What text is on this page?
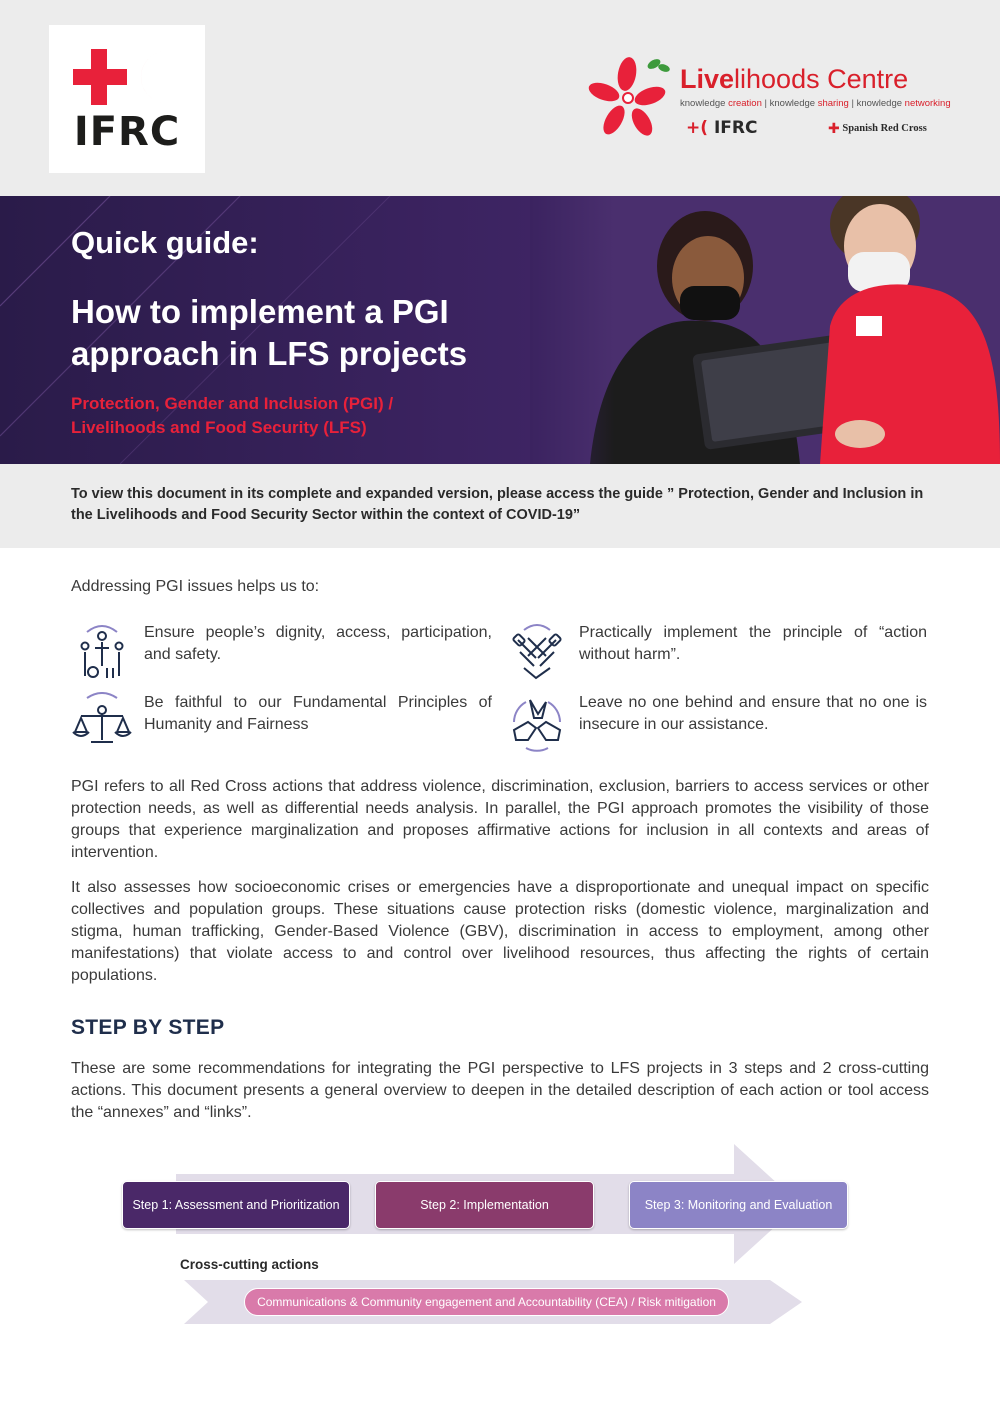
IFRC
Livelihoods Centre
knowledge creation | knowledge sharing | knowledge networking
+( IFRC	✚ Spanish Red Cross
Quick guide:
How to implement a PGI approach in LFS projects
Protection, Gender and Inclusion (PGI) / Livelihoods and Food Security (LFS)

To view this document in its complete and expanded version, please access the guide ” Protection, Gender and Inclusion in the Livelihoods and Food Security Sector within the context of COVID-19”

Addressing PGI issues helps us to:
Ensure people’s dignity, access, participation, and safety.
Practically implement the principle of “action without harm”.
Be faithful to our Fundamental Principles of Humanity and Fairness
Leave no one behind and ensure that no one is insecure in our assistance.

PGI refers to all Red Cross actions that address violence, discrimination, exclusion, barriers to access services or other protection needs, as well as differential needs analysis. In parallel, the PGI approach promotes the visibility of those groups that experience marginalization and proposes affirmative actions for inclusion in all contexts and areas of intervention.

It also assesses how socioeconomic crises or emergencies have a disproportionate and unequal impact on specific collectives and population groups. These situations cause protection risks (domestic violence, marginalization and stigma, human trafficking, Gender-Based Violence (GBV), discrimination in access to employment, among other manifestations) that violate access to and control over livelihood resources, thus affecting the rights of certain populations.

STEP BY STEP

These are some recommendations for integrating the PGI perspective to LFS projects in 3 steps and 2 cross-cutting actions. This document presents a general overview to deepen in the detailed description of each action or tool access the “annexes” and “links”.

Step 1: Assessment and Prioritization	Step 2: Implementation	Step 3: Monitoring and Evaluation
Cross-cutting actions
Communications & Community engagement and Accountability (CEA) / Risk mitigation
